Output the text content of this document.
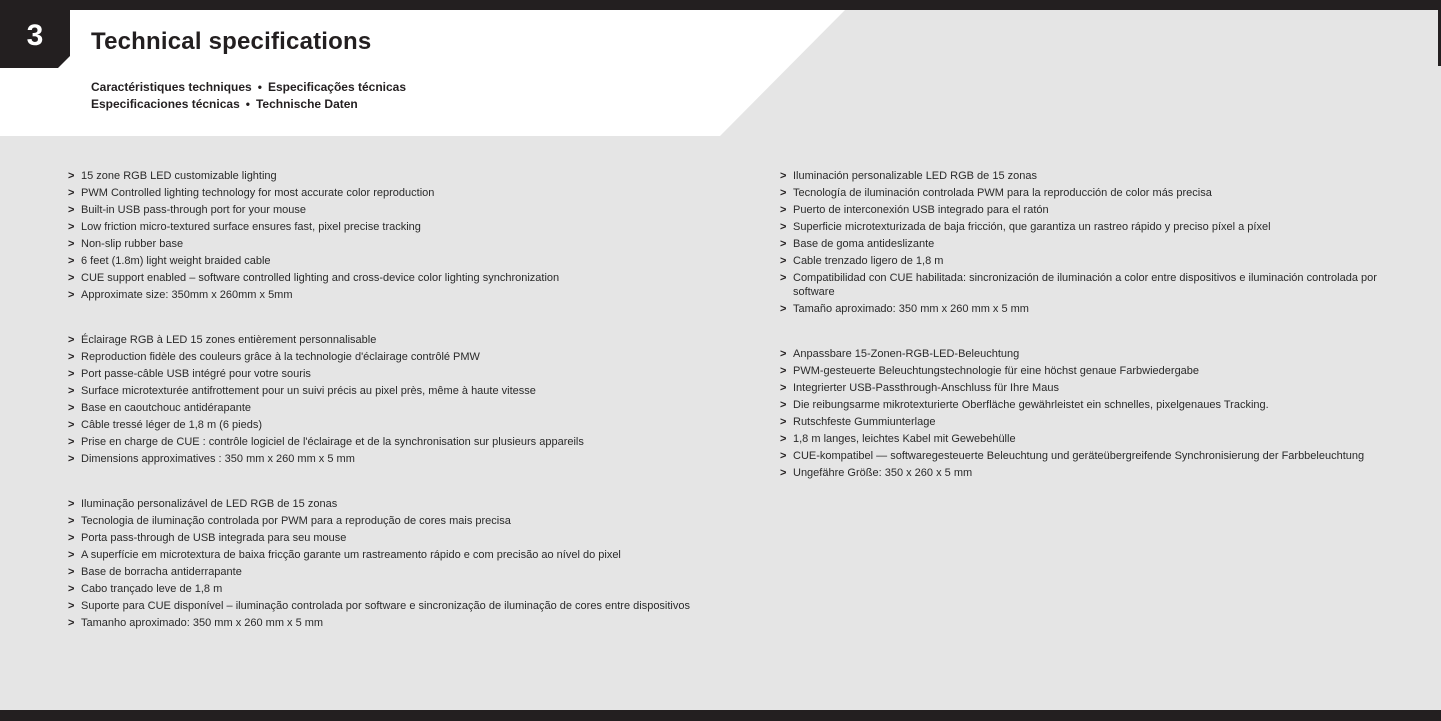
3	Technical specifications
Caractéristiques techniques • Especificações técnicas
Especificaciones técnicas • Technische Daten
> 15 zone RGB LED customizable lighting
> PWM Controlled lighting technology for most accurate color reproduction
> Built-in USB pass-through port for your mouse
> Low friction micro-textured surface ensures fast, pixel precise tracking
> Non-slip rubber base
> 6 feet (1.8m) light weight braided cable
> CUE support enabled – software controlled lighting and cross-device color lighting synchronization
> Approximate size: 350mm x 260mm x 5mm
> Éclairage RGB à LED 15 zones entièrement personnalisable
> Reproduction fidèle des couleurs grâce à la technologie d'éclairage contrôlé PMW
> Port passe-câble USB intégré pour votre souris
> Surface microtexturée antifrottement pour un suivi précis au pixel près, même à haute vitesse
> Base en caoutchouc antidérapante
> Câble tressé léger de 1,8 m (6 pieds)
> Prise en charge de CUE : contrôle logiciel de l'éclairage et de la synchronisation sur plusieurs appareils
> Dimensions approximatives : 350 mm x 260 mm x 5 mm
> Iluminação personalizável de LED RGB de 15 zonas
> Tecnologia de iluminação controlada por PWM para a reprodução de cores mais precisa
> Porta pass-through de USB integrada para seu mouse
> A superfície em microtextura de baixa fricção garante um rastreamento rápido e com precisão ao nível do pixel
> Base de borracha antiderrapante
> Cabo trançado leve de 1,8 m
> Suporte para CUE disponível – iluminação controlada por software e sincronização de iluminação de cores entre dispositivos
> Tamanho aproximado: 350 mm x 260 mm x 5 mm
> Iluminación personalizable LED RGB de 15 zonas
> Tecnología de iluminación controlada PWM para la reproducción de color más precisa
> Puerto de interconexión USB integrado para el ratón
> Superficie microtexturizada de baja fricción, que garantiza un rastreo rápido y preciso píxel a píxel
> Base de goma antideslizante
> Cable trenzado ligero de 1,8 m
> Compatibilidad con CUE habilitada: sincronización de iluminación a color entre dispositivos e iluminación controlada por software
> Tamaño aproximado: 350 mm x 260 mm x 5 mm
> Anpassbare 15-Zonen-RGB-LED-Beleuchtung
> PWM-gesteuerte Beleuchtungstechnologie für eine höchst genaue Farbwiedergabe
> Integrierter USB-Passthrough-Anschluss für Ihre Maus
> Die reibungsarme mikrotexturierte Oberfläche gewährleistet ein schnelles, pixelgenaues Tracking.
> Rutschfeste Gummiunterlage
> 1,8 m langes, leichtes Kabel mit Gewebehülle
> CUE-kompatibel — softwaregesteuerte Beleuchtung und geräteübergreifende Synchronisierung der Farbbeleuchtung
> Ungefähre Größe: 350 x 260 x 5 mm
